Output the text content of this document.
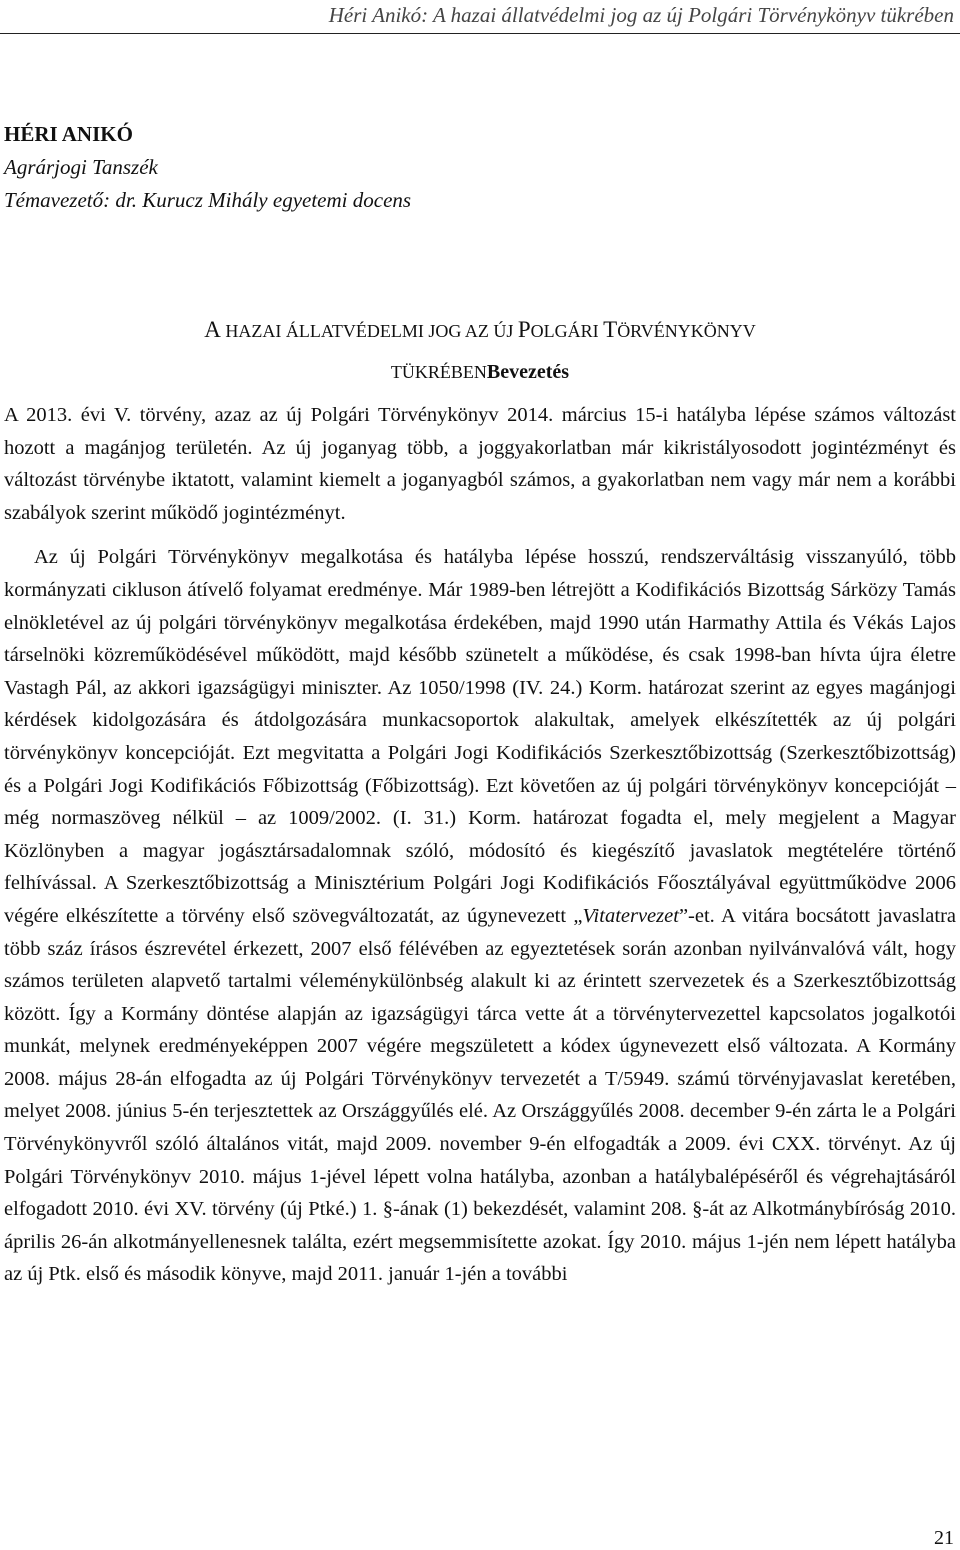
Héri Anikó: A hazai állatvédelmi jog az új Polgári Törvénykönyv tükrében
HÉRI ANIKÓ
Agrárjogi Tanszék
Témavezető: dr. Kurucz Mihály egyetemi docens
A HAZAI ÁLLATVÉDELMI JOG AZ ÚJ POLGÁRI TÖRVÉNYKÖNYV
TÜKRÉBENBevezetés

A 2013. évi V. törvény, azaz az új Polgári Törvénykönyv 2014. március 15-i hatályba lépése számos változást hozott a magánjog területén. Az új joganyag több, a joggyakorlatban már kikristályosodott jogintézményt és változást törvénybe iktatott, valamint kiemelt a joganyagból számos, a gyakorlatban nem vagy már nem a korábbi szabályok szerint működő jogintézményt.

Az új Polgári Törvénykönyv megalkotása és hatályba lépése hosszú, rendszerváltásig visszanyúló, több kormányzati cikluson átívelő folyamat eredménye. Már 1989-ben létrejött a Kodifikációs Bizottság Sárközy Tamás elnökletével az új polgári törvénykönyv megalkotása érdekében, majd 1990 után Harmathy Attila és Vékás Lajos társelnöki közreműködésével működött, majd később szünetelt a működése, és csak 1998-ban hívta újra életre Vastagh Pál, az akkori igazságügyi miniszter. Az 1050/1998 (IV. 24.) Korm. határozat szerint az egyes magánjogi kérdések kidolgozására és átdolgozására munkacsoportok alakultak, amelyek elkészítették az új polgári törvénykönyv koncepcióját. Ezt megvitatta a Polgári Jogi Kodifikációs Szerkesztőbizottság (Szerkesztőbizottság) és a Polgári Jogi Kodifikációs Főbizottság (Főbizottság). Ezt követően az új polgári törvénykönyv koncepcióját – még normaszöveg nélkül – az 1009/2002. (I. 31.) Korm. határozat fogadta el, mely megjelent a Magyar Közlönyben a magyar jogásztársadalomnak szóló, módosító és kiegészítő javaslatok megtételére történő felhívással. A Szerkesztőbizottság a Minisztérium Polgári Jogi Kodifikációs Főosztályával együttműködve 2006 végére elkészítette a törvény első szövegváltozatát, az úgynevezett „Vitatervezet”-et. A vitára bocsátott javaslatra több száz írásos észrevétel érkezett, 2007 első félévében az egyeztetések során azonban nyilvánvalóvá vált, hogy számos területen alapvető tartalmi véleménykülönbség alakult ki az érintett szervezetek és a Szerkesztőbizottság között. Így a Kormány döntése alapján az igazságügyi tárca vette át a törvénytervezettel kapcsolatos jogalkotói munkát, melynek eredményeképpen 2007 végére megszületett a kódex úgynevezett első változata. A Kormány 2008. május 28-án elfogadta az új Polgári Törvénykönyv tervezetét a T/5949. számú törvényjavaslat keretében, melyet 2008. június 5-én terjesztettek az Országgyűlés elé. Az Országgyűlés 2008. december 9-én zárta le a Polgári Törvénykönyvről szóló általános vitát, majd 2009. november 9-én elfogadták a 2009. évi CXX. törvényt. Az új Polgári Törvénykönyv 2010. május 1-jével lépett volna hatályba, azonban a hatálybalépéséről és végrehajtásáról elfogadott 2010. évi XV. törvény (új Ptké.) 1. §-ának (1) bekezdését, valamint 208. §-át az Alkotmánybíróság 2010. április 26-án alkotmányellenesnek találta, ezért megsemmisítette azokat. Így 2010. május 1-jén nem lépett hatályba az új Ptk. első és második könyve, majd 2011. január 1-jén a további

21
